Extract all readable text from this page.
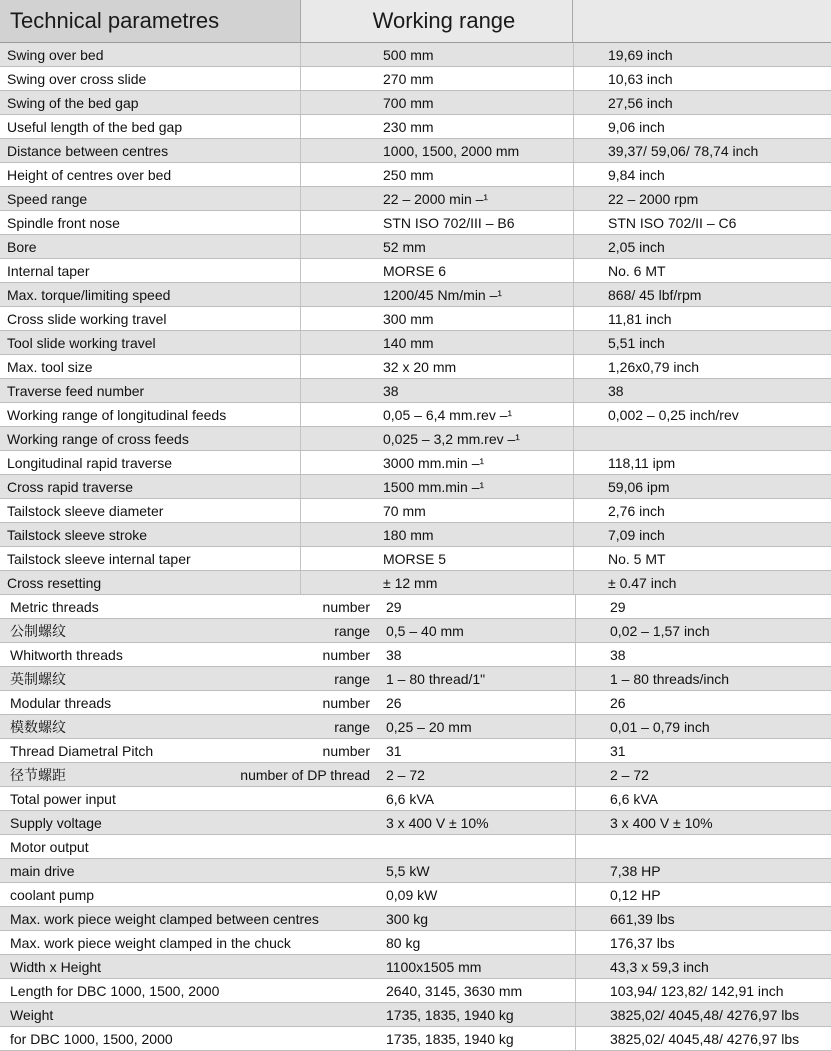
Technical parametres	Working range
Swing over bed	500 mm	19,69 inch
Swing over cross slide	270 mm	10,63 inch
Swing of the bed gap	700 mm	27,56 inch
Useful length of the bed gap	230 mm	9,06 inch
Distance between centres	1000, 1500, 2000 mm	39,37/ 59,06/ 78,74 inch
Height of centres over bed	250 mm	9,84 inch
Speed range	22 – 2000 min –¹	22 – 2000 rpm
Spindle front nose	STN ISO 702/III – B6	STN ISO 702/II – C6
Bore	52 mm	2,05 inch
Internal taper	MORSE 6	No. 6 MT
Max. torque/limiting speed	1200/45 Nm/min –¹	868/ 45 lbf/rpm
Cross slide working travel	300 mm	11,81 inch
Tool slide working travel	140 mm	5,51 inch
Max. tool size	32 x 20 mm	1,26x0,79 inch
Traverse feed number	38	38
Working range of longitudinal feeds	0,05 – 6,4 mm.rev –¹	0,002 – 0,25 inch/rev
Working range of cross feeds	0,025 – 3,2 mm.rev –¹
Longitudinal rapid traverse	3000 mm.min –¹	118,11 ipm
Cross rapid traverse	1500 mm.min –¹	59,06 ipm
Tailstock sleeve diameter	70 mm	2,76 inch
Tailstock sleeve stroke	180 mm	7,09 inch
Tailstock sleeve internal taper	MORSE 5	No. 5 MT
Cross resetting	± 12 mm	± 0.47 inch
Metric threads	number	29	29
公制螺纹	range	0,5 – 40 mm	0,02 – 1,57 inch
Whitworth threads	number	38	38
英制螺纹	range	1 – 80 thread/1"	1 – 80 threads/inch
Modular threads	number	26	26
模数螺纹	range	0,25 – 20 mm	0,01 – 0,79 inch
Thread Diametral Pitch	number	31	31
径节螺距	number of DP thread	2 – 72	2 – 72
Total power input	6,6 kVA	6,6 kVA
Supply voltage	3 x 400 V ± 10%	3 x 400 V ± 10%
Motor output
main drive	5,5 kW	7,38 HP
coolant pump	0,09 kW	0,12 HP
Max. work piece weight clamped between centres	300 kg	661,39 lbs
Max. work piece weight clamped in the chuck	80 kg	176,37 lbs
Width x Height	1100x1505 mm	43,3 x 59,3 inch
Length for DBC 1000, 1500, 2000	2640, 3145, 3630 mm	103,94/ 123,82/ 142,91 inch
Weight	1735, 1835, 1940 kg	3825,02/ 4045,48/ 4276,97 lbs
for DBC 1000, 1500, 2000	1735, 1835, 1940 kg	3825,02/ 4045,48/ 4276,97 lbs
